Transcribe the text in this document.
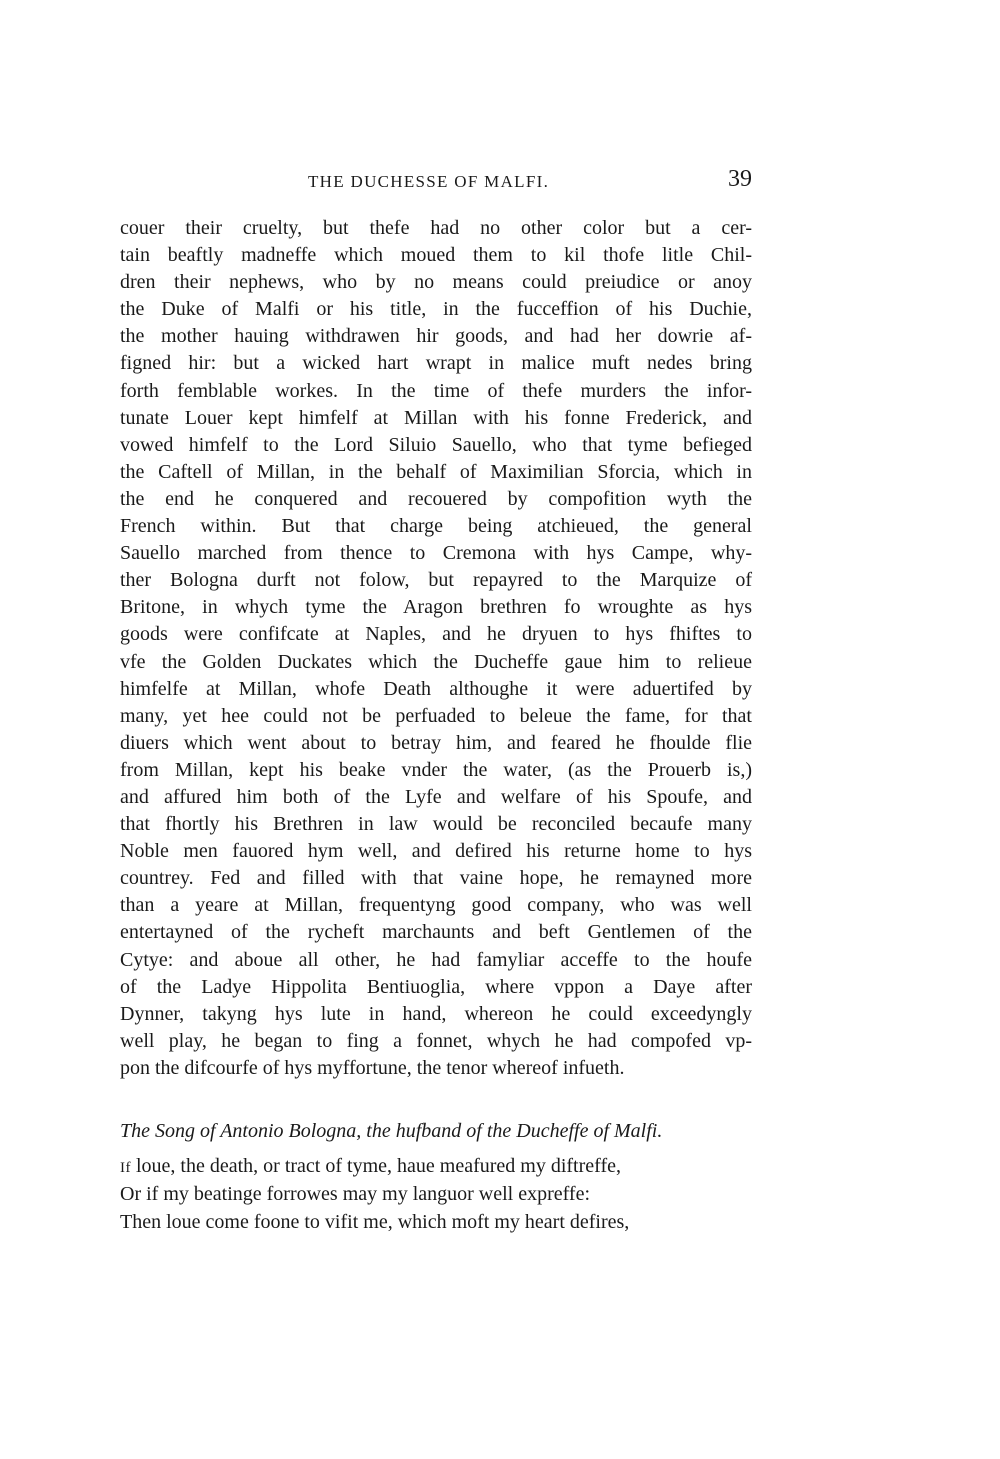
THE DUCHESSE OF MALFI.	39
couer their cruelty, but thefe had no other color but a cer-
tain beaftly madneffe which moued them to kil thofe litle Chil-
dren their nephews, who by no means could preiudice or anoy
the Duke of Malfi or his title, in the fucceffion of his Duchie,
the mother hauing withdrawen hir goods, and had her dowrie af-
figned hir: but a wicked hart wrapt in malice muft nedes bring
forth femblable workes. In the time of thefe murders the infor-
tunate Louer kept himfelf at Millan with his fonne Frederick, and
vowed himfelf to the Lord Siluio Sauello, who that tyme befieged
the Caftell of Millan, in the behalf of Maximilian Sforcia, which in
the end he conquered and recouered by compofition wyth the
French within. But that charge being atchieued, the general
Sauello marched from thence to Cremona with hys Campe, why-
ther Bologna durft not folow, but repayred to the Marquize of
Britone, in whych tyme the Aragon brethren fo wroughte as hys
goods were confifcate at Naples, and he dryuen to hys fhiftes to
vfe the Golden Duckates which the Ducheffe gaue him to relieue
himfelfe at Millan, whofe Death althoughe it were aduertifed by
many, yet hee could not be perfuaded to beleue the fame, for that
diuers which went about to betray him, and feared he fhoulde flie
from Millan, kept his beake vnder the water, (as the Prouerb is,)
and affured him both of the Lyfe and welfare of his Spoufe, and
that fhortly his Brethren in law would be reconciled becaufe many
Noble men fauored hym well, and defired his returne home to hys
countrey. Fed and filled with that vaine hope, he remayned more
than a yeare at Millan, frequentyng good company, who was well
entertayned of the rycheft marchaunts and beft Gentlemen of the
Cytye: and aboue all other, he had famyliar acceffe to the houfe
of the Ladye Hippolita Bentiuoglia, where vppon a Daye after
Dynner, takyng hys lute in hand, whereon he could exceedyngly
well play, he began to fing a fonnet, whych he had compofed vp-
pon the difcourfe of hys myffortune, the tenor whereof infueth.
The Song of Antonio Bologna, the hufband of the Ducheffe of Malfi.
If loue, the death, or tract of tyme, haue meafured my diftreffe,
Or if my beatinge forrowes may my languor well expreffe:
Then loue come foone to vifit me, which moft my heart defires,
